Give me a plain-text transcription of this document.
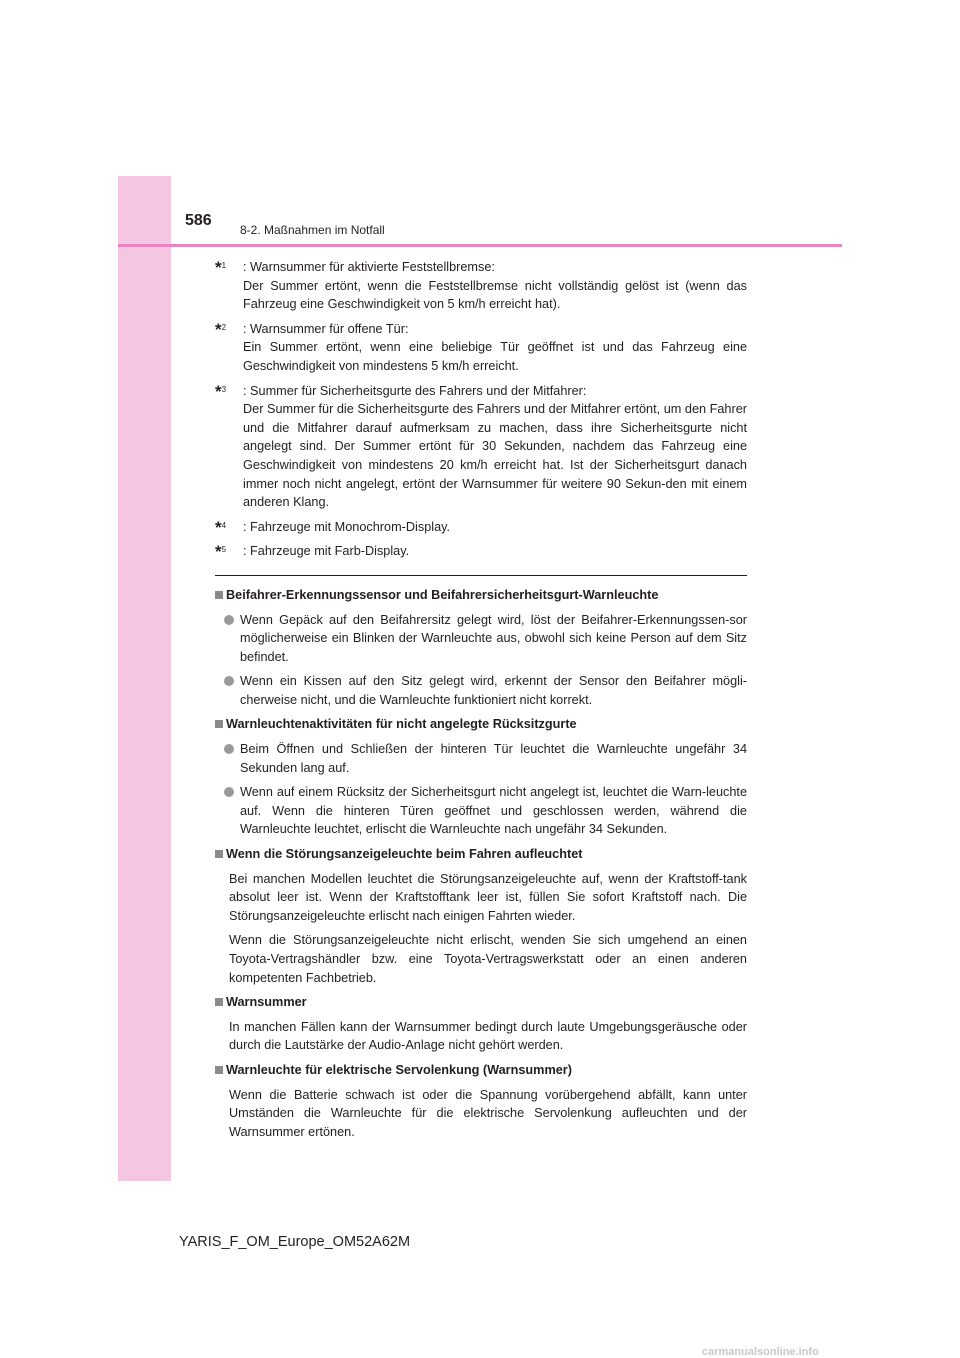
586
8-2. Maßnahmen im Notfall
*$^1$ : Warnsummer für aktivierte Feststellbremse:
Der Summer ertönt, wenn die Feststellbremse nicht vollständig gelöst ist (wenn das Fahrzeug eine Geschwindigkeit von 5 km/h erreicht hat).
*$^2$ : Warnsummer für offene Tür:
Ein Summer ertönt, wenn eine beliebige Tür geöffnet ist und das Fahrzeug eine Geschwindigkeit von mindestens 5 km/h erreicht.
*$^3$ : Summer für Sicherheitsgurte des Fahrers und der Mitfahrer:
Der Summer für die Sicherheitsgurte des Fahrers und der Mitfahrer ertönt, um den Fahrer und die Mitfahrer darauf aufmerksam zu machen, dass ihre Sicherheitsgurte nicht angelegt sind. Der Summer ertönt für 30 Sekunden, nachdem das Fahrzeug eine Geschwindigkeit von mindestens 20 km/h erreicht hat. Ist der Sicherheitsgurt danach immer noch nicht angelegt, ertönt der Warnsummer für weitere 90 Sekun-den mit einem anderen Klang.
*$^4$ : Fahrzeuge mit Monochrom-Display.
*$^5$ : Fahrzeuge mit Farb-Display.
Beifahrer-Erkennungssensor und Beifahrersicherheitsgurt-Warnleuchte
Wenn Gepäck auf den Beifahrersitz gelegt wird, löst der Beifahrer-Erkennungssen-sor möglicherweise ein Blinken der Warnleuchte aus, obwohl sich keine Person auf dem Sitz befindet.
Wenn ein Kissen auf den Sitz gelegt wird, erkennt der Sensor den Beifahrer mögli-cherweise nicht, und die Warnleuchte funktioniert nicht korrekt.
Warnleuchtenaktivitäten für nicht angelegte Rücksitzgurte
Beim Öffnen und Schließen der hinteren Tür leuchtet die Warnleuchte ungefähr 34 Sekunden lang auf.
Wenn auf einem Rücksitz der Sicherheitsgurt nicht angelegt ist, leuchtet die Warn-leuchte auf. Wenn die hinteren Türen geöffnet und geschlossen werden, während die Warnleuchte leuchtet, erlischt die Warnleuchte nach ungefähr 34 Sekunden.
Wenn die Störungsanzeigeleuchte beim Fahren aufleuchtet
Bei manchen Modellen leuchtet die Störungsanzeigeleuchte auf, wenn der Kraftstoff-tank absolut leer ist. Wenn der Kraftstofftank leer ist, füllen Sie sofort Kraftstoff nach. Die Störungsanzeigeleuchte erlischt nach einigen Fahrten wieder.
Wenn die Störungsanzeigeleuchte nicht erlischt, wenden Sie sich umgehend an einen Toyota-Vertragshändler bzw. eine Toyota-Vertragswerkstatt oder an einen anderen kompetenten Fachbetrieb.
Warnsummer
In manchen Fällen kann der Warnsummer bedingt durch laute Umgebungsgeräusche oder durch die Lautstärke der Audio-Anlage nicht gehört werden.
Warnleuchte für elektrische Servolenkung (Warnsummer)
Wenn die Batterie schwach ist oder die Spannung vorübergehend abfällt, kann unter Umständen die Warnleuchte für die elektrische Servolenkung aufleuchten und der Warnsummer ertönen.
YARIS_F_OM_Europe_OM52A62M
carmanualsonline.info
